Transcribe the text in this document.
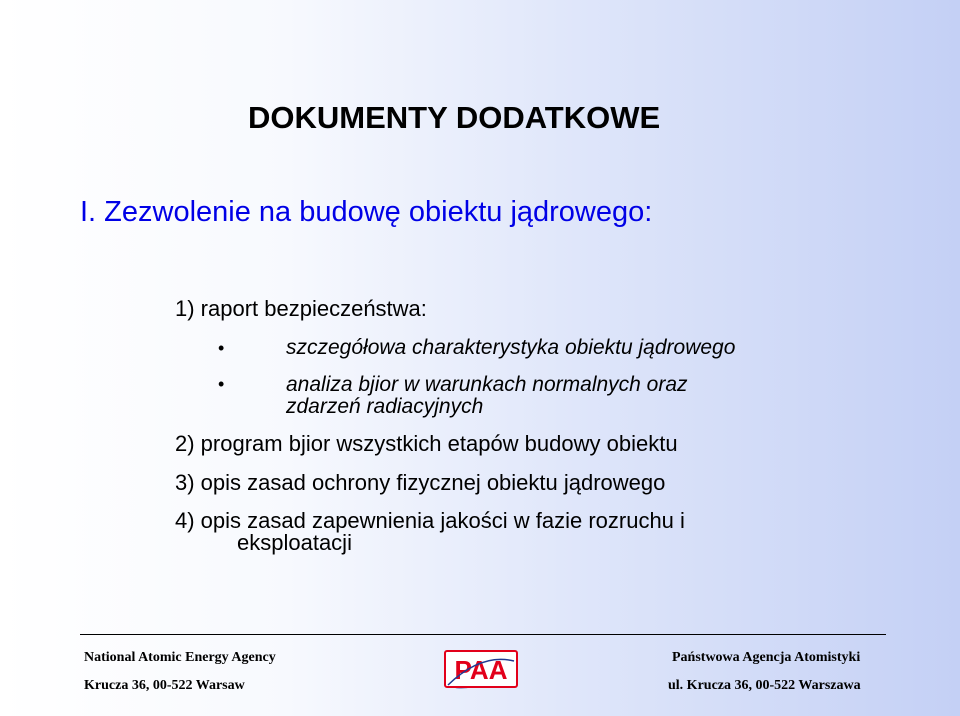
DOKUMENTY DODATKOWE
I. Zezwolenie na budowę obiektu jądrowego:
1) raport bezpieczeństwa:
•	szczegółowa charakterystyka obiektu jądrowego
•	analiza bjior w warunkach normalnych oraz
zdarzeń radiacyjnych
2) program bjior wszystkich etapów budowy obiektu
3) opis zasad ochrony fizycznej obiektu jądrowego
4) opis zasad zapewnienia jakości w fazie rozruchu i
eksploatacji
National Atomic Energy Agency
Krucza 36, 00-522 Warsaw
Państwowa Agencja Atomistyki
ul. Krucza 36, 00-522 Warszawa
PAA
